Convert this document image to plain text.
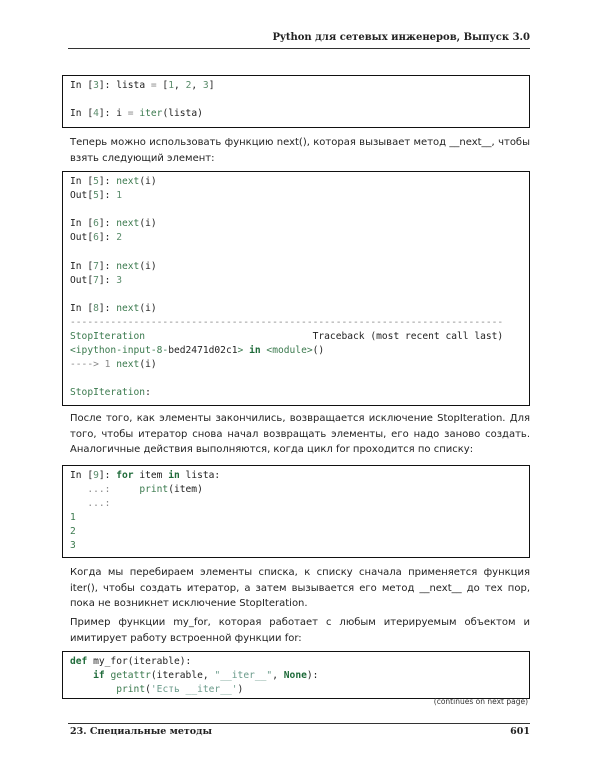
Python для сетевых инженеров, Выпуск 3.0
In [3]: lista = [1, 2, 3]
In [4]: i = iter(lista)
Теперь можно использовать функцию next(), которая вызывает метод __next__, чтобы взять следующий элемент:
In [5]: next(i)
Out[5]: 1
In [6]: next(i)
Out[6]: 2
In [7]: next(i)
Out[7]: 3
In [8]: next(i)
---------------------------------------------------------------------------
StopIteration                             Traceback (most recent call last)
<ipython-input-8-bed2471d02c1> in <module>()
----> 1 next(i)
StopIteration:
После того, как элементы закончились, возвращается исключение StopIteration. Для того, чтобы итератор снова начал возвращать элементы, его надо заново создать. Аналогичные действия выполняются, когда цикл for проходится по списку:
In [9]: for item in lista:
...:     print(item)
...:
1
2
3
Когда мы перебираем элементы списка, к списку сначала применяется функция iter(), чтобы создать итератор, а затем вызывается его метод __next__ до тех пор, пока не возникнет исключение StopIteration.
Пример функции my_for, которая работает с любым итерируемым объектом и имитирует работу встроенной функции for:
def my_for(iterable):
if getattr(iterable, "__iter__", None):
print('Есть __iter__')
(continues on next page)
23. Специальные методы	601
